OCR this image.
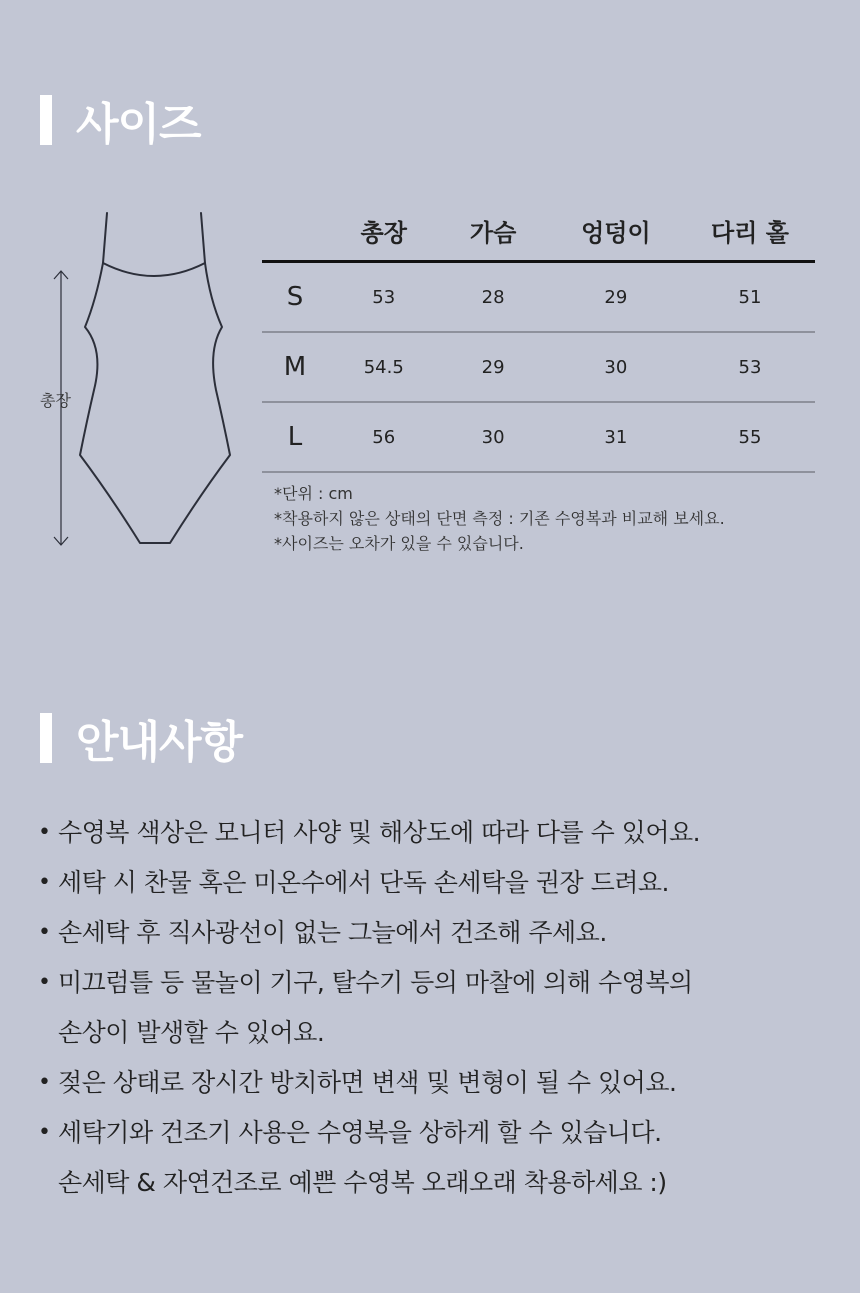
사이즈
총장
	총장	가슴	엉덩이	다리 홀
S	53	28	29	51
M	54.5	29	30	53
L	56	30	31	55
*단위 : cm
*착용하지 않은 상태의 단면 측정 : 기존 수영복과 비교해 보세요.
*사이즈는 오차가 있을 수 있습니다.
안내사항
• 수영복 색상은 모니터 사양 및 해상도에 따라 다를 수 있어요.
• 세탁 시 찬물 혹은 미온수에서 단독 손세탁을 권장 드려요.
• 손세탁 후 직사광선이 없는 그늘에서 건조해 주세요.
• 미끄럼틀 등 물놀이 기구, 탈수기 등의 마찰에 의해 수영복의
손상이 발생할 수 있어요.
• 젖은 상태로 장시간 방치하면 변색 및 변형이 될 수 있어요.
• 세탁기와 건조기 사용은 수영복을 상하게 할 수 있습니다.
손세탁 & 자연건조로 예쁜 수영복 오래오래 착용하세요 :)
